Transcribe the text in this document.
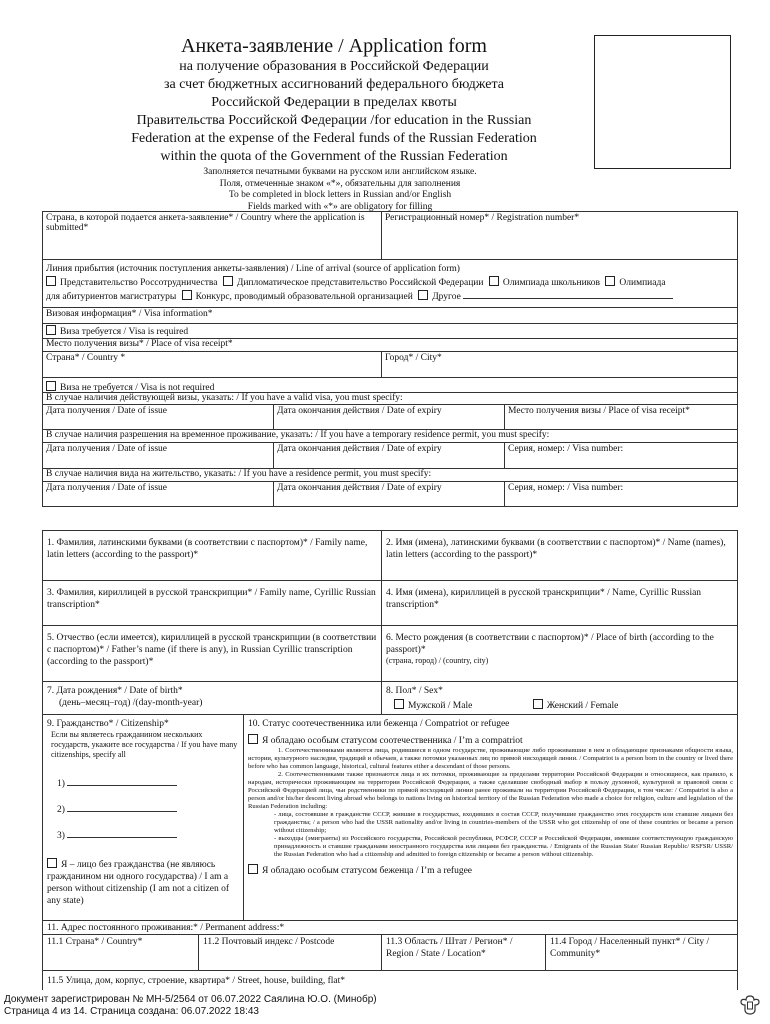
Анкета-заявление / Application form
на получение образования в Российской Федерации
за счет бюджетных ассигнований федерального бюджета
Российской Федерации в пределах квоты
Правительства Российской Федерации /for education in the Russian
Federation at the expense of the Federal funds of the Russian Federation
within the quota of the Government of the Russian Federation
Заполняется печатными буквами на русском или английском языке.
Поля, отмеченные знаком «*», обязательны для заполнения
To be completed in block letters in Russian and/or English
Fields marked with «*» are obligatory for filling
Страна, в которой подается анкета-заявление* / Country where the application is submitted*
Регистрационный номер* / Registration number*
Линия прибытия (источник поступления анкеты-заявления) / Line of arrival (source of application form)
Представительство Россотрудничества Дипломатическое представительство Российской Федерации Олимпиада школьников Олимпиада
для абитуриентов магистратуры Конкурс, проводимый образовательной организацией Другое
Визовая информация* / Visa information*
Виза требуется / Visa is required
Место получения визы* / Place of visa receipt*
Страна* / Country *	Город* / City*
Виза не требуется / Visa is not required
В случае наличия действующей визы, указать: / If you have a valid visa, you must specify:
Дата получения / Date of issue	Дата окончания действия / Date of expiry	Место получения визы / Place of visa receipt*
В случае наличия разрешения на временное проживание, указать: / If you have a temporary residence permit, you must specify:
Дата получения / Date of issue	Дата окончания действия / Date of expiry	Серия, номер: / Visa number:
В случае наличия вида на жительство, указать: / If you have a residence permit, you must specify:
Дата получения / Date of issue	Дата окончания действия / Date of expiry	Серия, номер: / Visa number:
1. Фамилия, латинскими буквами (в соответствии с паспортом)* / Family name, latin letters (according to the passport)*
2. Имя (имена), латинскими буквами (в соответствии с паспортом)* / Name (names), latin letters (according to the passport)*
3. Фамилия, кириллицей в русской транскрипции* / Family name, Cyrillic Russian transcription*
4. Имя (имена), кириллицей в русской транскрипции* / Name, Cyrillic Russian transcription*
5. Отчество (если имеется), кириллицей в русской транскрипции (в соответствии с паспортом)* / Father’s name (if there is any), in Russian Cyrillic transcription (according to the passport)*
6. Место рождения (в соответствии с паспортом)* / Place of birth (according to the passport)*
(страна, город) / (country, city)
7. Дата рождения* / Date of birth*
(день–месяц–год) /(day-month-year)
8. Пол* / Sex*
Мужской / Male	Женский / Female
9. Гражданство* / Citizenship*
Если вы являетесь гражданином нескольких государств, укажите все государства / If you have many citizenships, specify all
1)
2)
3)
Я – лицо без гражданства (не являюсь гражданином ни одного государства) / I am a person without citizenship (I am not a citizen of any state)
10. Статус соотечественника или беженца / Compatriot or refugee
Я обладаю особым статусом соотечественника / I’m a compatriot
1. Соотечественниками являются лица, родившиеся в одном государстве, проживающие либо проживавшие в нем и обладающие признаками общности языка, истории, культурного наследия, традиций и обычаев, а также потомки указанных лиц по прямой нисходящей линии. / Compatriot is a person born in the country or lived there before who has common language, historical, cultural features either a descendant of those persons.
2. Соотечественниками также признаются лица и их потомки, проживающие за пределами территории Российской Федерации и относящиеся, как правило, к народам, исторически проживающим на территории Российской Федерации, а также сделавшие свободный выбор в пользу духовной, культурной и правовой связи с Российской Федерацией лица, чьи родственники по прямой восходящей линии ранее проживали на территории Российской Федерации, в том числе: / Compatriot is also a person and/or his/her descent living abroad who belongs to nations living on historical territory of the Russian Federation who made a choice for religion, culture and legislation of the Russian Federation including:
- лица, состоявшие в гражданстве СССР, жившие в государствах, входивших в состав СССР, получившие гражданство этих государств или ставшие лицами без гражданства; / a person who had the USSR nationality and/or living in countries-members of the USSR who got citizenship of one of these countries or became a person without citizenship;
- выходцы (эмигранты) из Российского государства, Российской республики, РСФСР, СССР и Российской Федерации, имевшие соответствующую гражданскую принадлежность и ставшие гражданами иностранного государства или лицами без гражданства. / Emigrants of the Russian State/ Russian Republic/ RSFSR/ USSR/ the Russian Federation who had a citizenship and admitted to foreign citizenship or became a person without citizenship.
Я обладаю особым статусом беженца / I’m a refugee
11. Адрес постоянного проживания:* / Permanent address:*
11.1 Страна* / Country*	11.2 Почтовый индекс / Postcode	11.3 Область / Штат / Регион* / Region / State / Location*
11.4 Город / Населенный пункт* / City / Community*
11.5 Улица, дом, корпус, строение, квартира* / Street, house, building, flat*
Документ зарегистрирован № МН-5/2564 от 06.07.2022 Саялина Ю.О. (Минобр)
Страница 4 из 14. Страница создана: 06.07.2022 18:43
